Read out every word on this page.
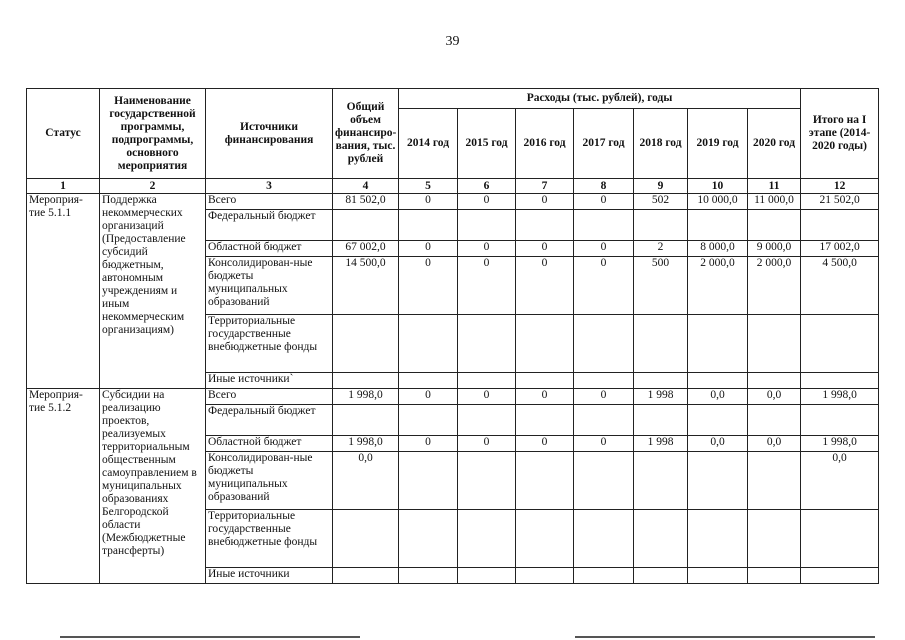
39
Статус	Наименование государственной программы, подпрограммы, основного мероприятия	Источники финансирования	Общий объем финансиро-вания, тыс. рублей	Расходы (тыс. рублей), годы							Итого на I этапе (2014-2020 годы)
				2014 год	2015 год	2016 год	2017 год	2018 год	2019 год	2020 год	
1	2	3	4	5	6	7	8	9	10	11	12
Мероприя-тие 5.1.1	Поддержка некоммерческих организаций (Предоставление субсидий бюджетным, автономным учреждениям и иным некоммерческим организациям)	Всего	81 502,0	0	0	0	0	502	10 000,0	11 000,0	21 502,0
		Федеральный бюджет									
		Областной бюджет	67 002,0	0	0	0	0	2	8 000,0	9 000,0	17 002,0
		Консолидирован-ные бюджеты муниципальных образований	14 500,0	0	0	0	0	500	2 000,0	2 000,0	4 500,0
		Территориальные государственные внебюджетные фонды									
		Иные источники`									
Мероприя-тие 5.1.2	Субсидии на реализацию проектов, реализуемых территориальным общественным самоуправлением в муниципальных образованиях Белгородской области (Межбюджетные трансферты)	Всего	1 998,0	0	0	0	0	1 998	0,0	0,0	1 998,0
		Федеральный бюджет									
		Областной бюджет	1 998,0	0	0	0	0	1 998	0,0	0,0	1 998,0
		Консолидирован-ные бюджеты муниципальных образований	0,0								0,0
		Территориальные государственные внебюджетные фонды									
		Иные источники									
